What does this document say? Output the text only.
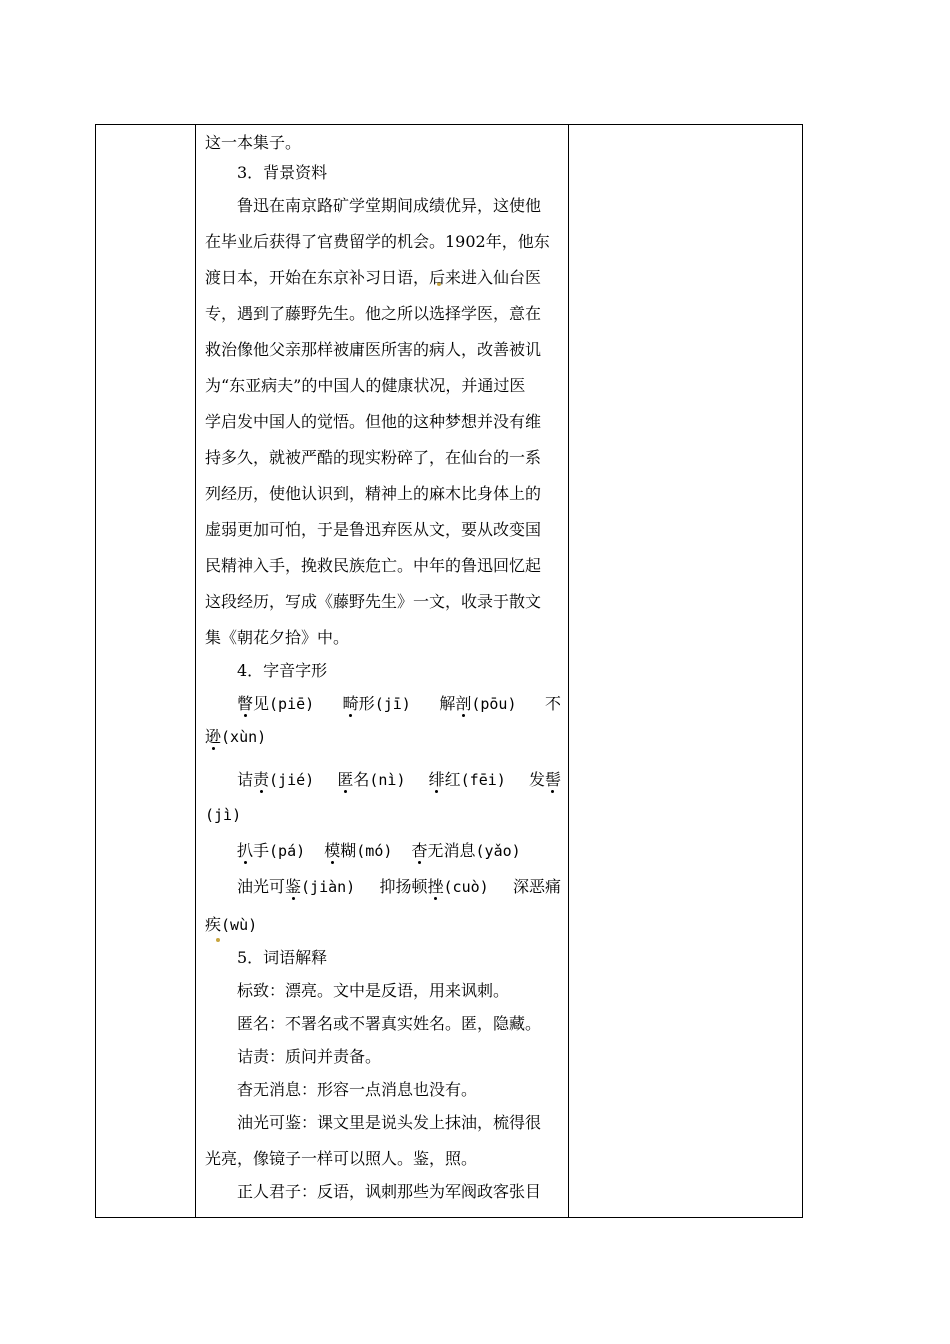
这一本集子。
3．背景资料
鲁迅在南京路矿学堂期间成绩优异，这使他
在毕业后获得了官费留学的机会。1902年，他东
渡日本，开始在东京补习日语，后来进入仙台医
专，遇到了藤野先生。他之所以选择学医，意在
救治像他父亲那样被庸医所害的病人，改善被讥
为“东亚病夫”的中国人的健康状况，并通过医
学启发中国人的觉悟。但他的这种梦想并没有维
持多久，就被严酷的现实粉碎了，在仙台的一系
列经历，使他认识到，精神上的麻木比身体上的
虚弱更加可怕，于是鲁迅弃医从文，要从改变国
民精神入手，挽救民族危亡。中年的鲁迅回忆起
这段经历，写成《藤野先生》一文，收录于散文
集《朝花夕拾》中。
4．字音字形
瞥见(piē) 畸形(jī) 解剖(pōu) 不
逊(xùn)
诘责(jié) 匿名(nì) 绯红(fēi) 发髻
(jì)
扒手(pá) 模糊(mó) 杳无消息(yǎo)
油光可鉴(jiàn) 抑扬顿挫(cuò) 深恶痛
疾(wù)
5．词语解释
标致：漂亮。文中是反语，用来讽刺。
匿名：不署名或不署真实姓名。匿，隐藏。
诘责：质问并责备。
杳无消息：形容一点消息也没有。
油光可鉴：课文里是说头发上抹油，梳得很
光亮，像镜子一样可以照人。鉴，照。
正人君子：反语，讽刺那些为军阀政客张目
